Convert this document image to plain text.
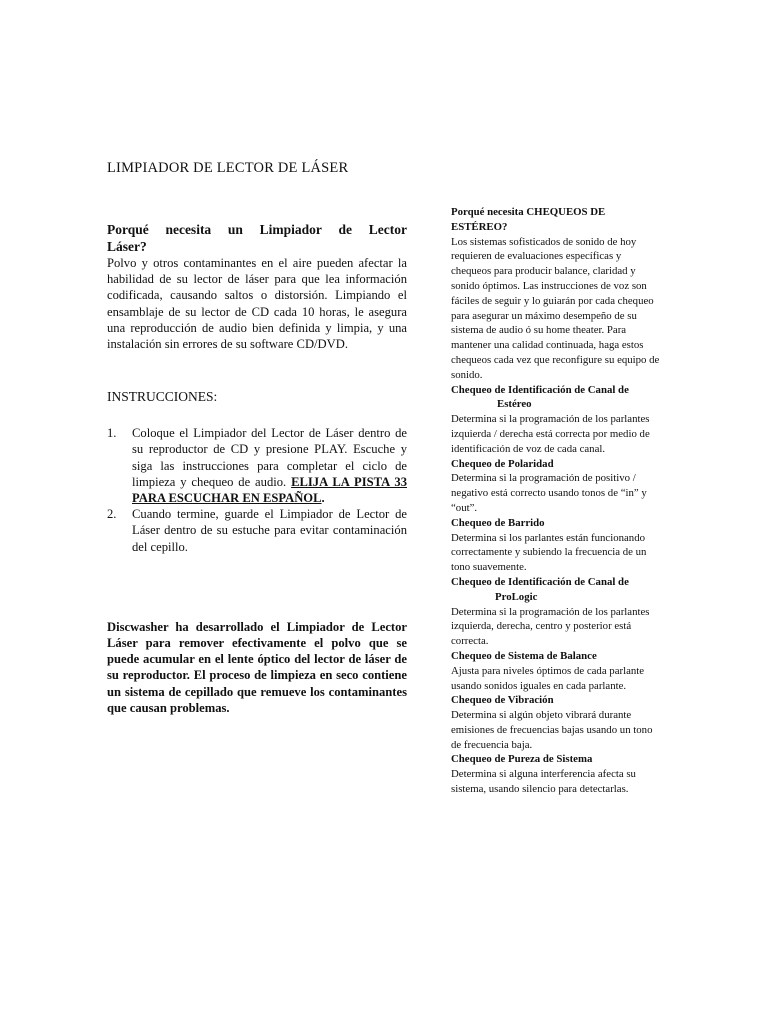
LIMPIADOR DE LECTOR DE LÁSER
Porqué necesita un Limpiador de Lector
Láser?
Polvo y otros contaminantes en el aire pueden afectar la habilidad de su lector de láser para que lea información codificada, causando saltos o distorsión. Limpiando el ensamblaje de su lector de CD cada 10 horas, le asegura una reproducción de audio bien definida y limpia, y una instalación sin errores de su software CD/DVD.
INSTRUCCIONES:
1.	Coloque el Limpiador del Lector de Láser dentro de su reproductor de CD y presione PLAY. Escuche y siga las instrucciones para completar el ciclo de limpieza y chequeo de audio. ELIJA LA PISTA 33 PARA ESCUCHAR EN ESPAÑOL.
2.	Cuando termine, guarde el Limpiador de Lector de Láser dentro de su estuche para evitar contaminación del cepillo.
Discwasher ha desarrollado el Limpiador de Lector Láser para remover efectivamente el polvo que se puede acumular en el lente óptico del lector de láser de su reproductor. El proceso de limpieza en seco contiene un sistema de cepillado que remueve los contaminantes que causan problemas.
Porqué necesita CHEQUEOS DE ESTÉREO?
Los sistemas sofisticados de sonido de hoy requieren de evaluaciones específicas y chequeos para producir balance, claridad y sonido óptimos. Las instrucciones de voz son fáciles de seguir y lo guiarán por cada chequeo para asegurar un máximo desempeño de su sistema de audio ó su home theater. Para mantener una calidad continuada, haga estos chequeos cada vez que reconfigure su equipo de sonido.
Chequeo de Identificación de Canal de
Estéreo
Determina si la programación de los parlantes izquierda / derecha está correcta por medio de identificación de voz de cada canal.
Chequeo de Polaridad
Determina si la programación de positivo / negativo está correcto usando tonos de “in” y “out”.
Chequeo de Barrido
Determina si los parlantes están funcionando correctamente y subiendo la frecuencia de un tono suavemente.
Chequeo de Identificación de Canal de
ProLogic
Determina si la programación de los parlantes izquierda, derecha, centro y posterior está correcta.
Chequeo de Sistema de Balance
Ajusta para niveles óptimos de cada parlante usando sonidos iguales en cada parlante.
Chequeo de Vibración
Determina si algún objeto vibrará durante emisiones de frecuencias bajas usando un tono de frecuencia baja.
Chequeo de Pureza de Sistema
Determina si alguna interferencia afecta su sistema, usando silencio para detectarlas.
